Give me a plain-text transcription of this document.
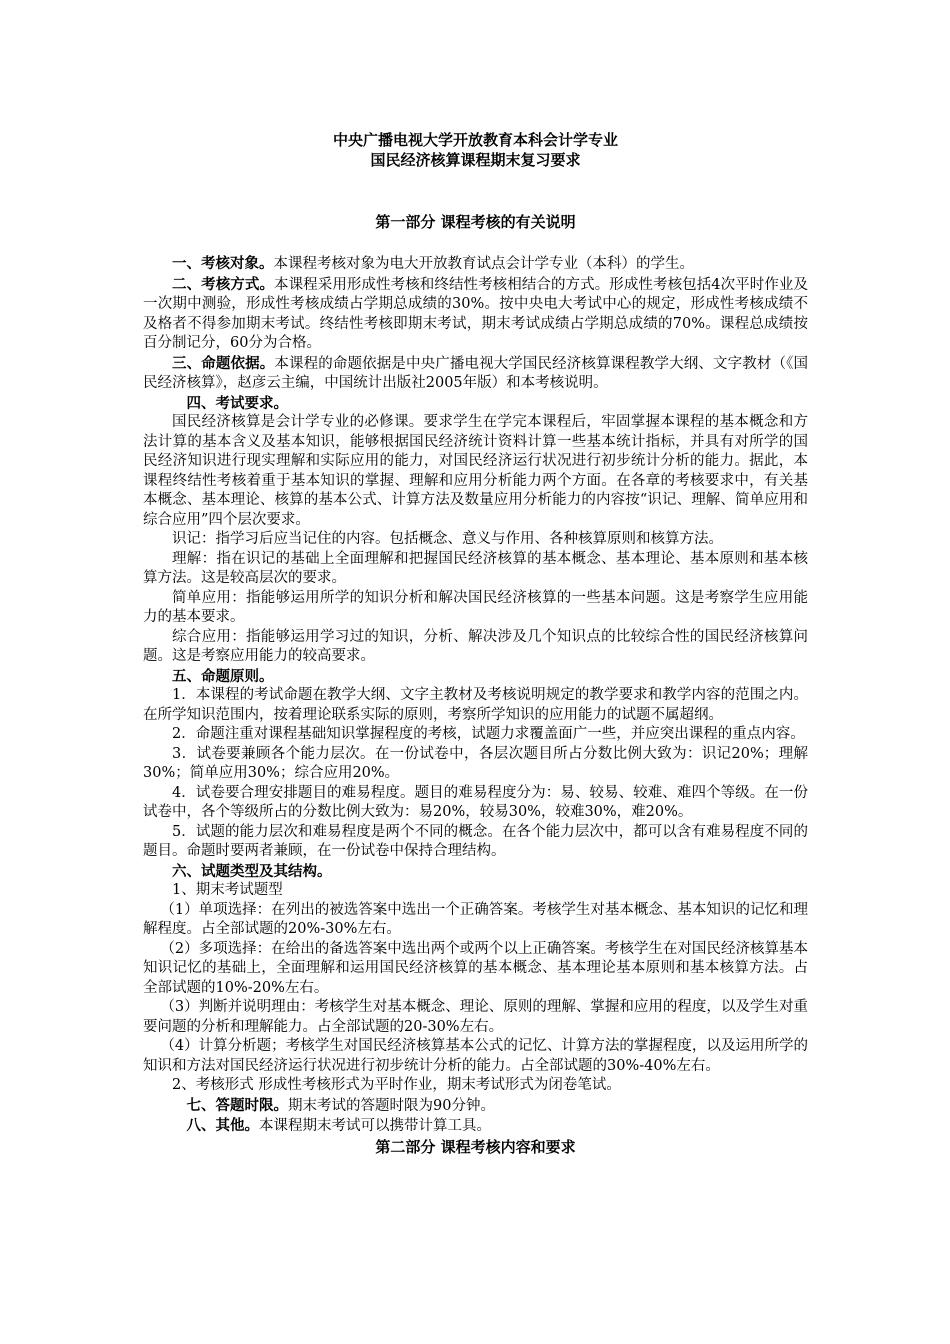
中央广播电视大学开放教育本科会计学专业
国民经济核算课程期末复习要求
第一部分 课程考核的有关说明

一、考核对象。本课程考核对象为电大开放教育试点会计学专业（本科）的学生。

二、考核方式。本课程采用形成性考核和终结性考核相结合的方式。形成性考核包括4次平时作业及一次期中测验，形成性考核成绩占学期总成绩的30%。按中央电大考试中心的规定，形成性考核成绩不及格者不得参加期末考试。终结性考核即期末考试，期末考试成绩占学期总成绩的70%。课程总成绩按百分制记分，60分为合格。

三、命题依据。本课程的命题依据是中央广播电视大学国民经济核算课程教学大纲、文字教材（《国民经济核算》，赵彦云主编，中国统计出版社2005年版）和本考核说明。

四、考试要求。

国民经济核算是会计学专业的必修课。要求学生在学完本课程后，牢固掌握本课程的基本概念和方法计算的基本含义及基本知识，能够根据国民经济统计资料计算一些基本统计指标，并具有对所学的国民经济知识进行现实理解和实际应用的能力，对国民经济运行状况进行初步统计分析的能力。据此，本课程终结性考核着重于基本知识的掌握、理解和应用分析能力两个方面。在各章的考核要求中，有关基本概念、基本理论、核算的基本公式、计算方法及数量应用分析能力的内容按“识记、理解、简单应用和综合应用”四个层次要求。

识记：指学习后应当记住的内容。包括概念、意义与作用、各种核算原则和核算方法。

理解：指在识记的基础上全面理解和把握国民经济核算的基本概念、基本理论、基本原则和基本核算方法。这是较高层次的要求。

简单应用：指能够运用所学的知识分析和解决国民经济核算的一些基本问题。这是考察学生应用能力的基本要求。

综合应用：指能够运用学习过的知识，分析、解决涉及几个知识点的比较综合性的国民经济核算问题。这是考察应用能力的较高要求。

五、命题原则。

1．本课程的考试命题在教学大纲、文字主教材及考核说明规定的教学要求和教学内容的范围之内。在所学知识范围内，按着理论联系实际的原则，考察所学知识的应用能力的试题不属超纲。

2．命题注重对课程基础知识掌握程度的考核，试题力求覆盖面广一些，并应突出课程的重点内容。

3．试卷要兼顾各个能力层次。在一份试卷中，各层次题目所占分数比例大致为：识记20%；理解30%；简单应用30%；综合应用20%。

4．试卷要合理安排题目的难易程度。题目的难易程度分为：易、较易、较难、难四个等级。在一份试卷中，各个等级所占的分数比例大致为：易20%，较易30%，较难30%，难20%。

5．试题的能力层次和难易程度是两个不同的概念。在各个能力层次中，都可以含有难易程度不同的题目。命题时要两者兼顾，在一份试卷中保持合理结构。

六、试题类型及其结构。

1、期末考试题型

（1）单项选择：在列出的被选答案中选出一个正确答案。考核学生对基本概念、基本知识的记忆和理解程度。占全部试题的20%-30%左右。

（2）多项选择：在给出的备选答案中选出两个或两个以上正确答案。考核学生在对国民经济核算基本知识记忆的基础上，全面理解和运用国民经济核算的基本概念、基本理论基本原则和基本核算方法。占全部试题的10%-20%左右。

（3）判断并说明理由：考核学生对基本概念、理论、原则的理解、掌握和应用的程度，以及学生对重要问题的分析和理解能力。占全部试题的20-30%左右。

（4）计算分析题；考核学生对国民经济核算基本公式的记忆、计算方法的掌握程度，以及运用所学的知识和方法对国民经济运行状况进行初步统计分析的能力。占全部试题的30%-40%左右。

2、考核形式 形成性考核形式为平时作业，期末考试形式为闭卷笔试。

七、答题时限。期末考试的答题时限为90分钟。

八、其他。本课程期末考试可以携带计算工具。

第二部分 课程考核内容和要求
